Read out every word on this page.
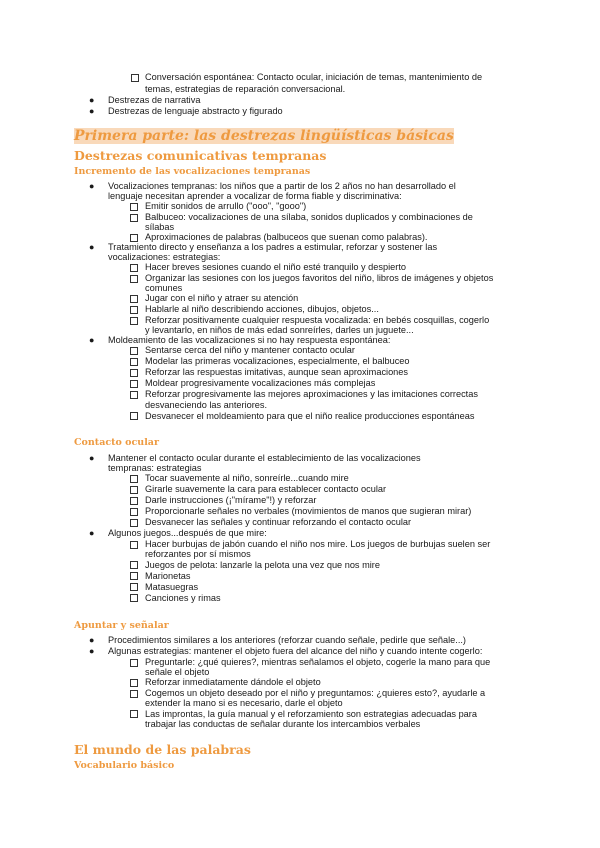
Conversación espontánea: Contacto ocular, iniciación de temas, mantenimiento de
temas, estrategias de reparación conversacional.
● Destrezas de narrativa
● Destrezas de lenguaje abstracto y figurado
Primera parte: las destrezas lingüísticas básicas
Destrezas comunicativas tempranas
Incremento de las vocalizaciones tempranas
● Vocalizaciones tempranas: los niños que a partir de los 2 años no han desarrollado el
lenguaje necesitan aprender a vocalizar de forma fiable y discriminativa:
Emitir sonidos de arrullo ("ooo", "gooo")
Balbuceo: vocalizaciones de una sílaba, sonidos duplicados y combinaciones de
sílabas
Aproximaciones de palabras (balbuceos que suenan como palabras).
● Tratamiento directo y enseñanza a los padres a estimular, reforzar y sostener las
vocalizaciones: estrategias:
Hacer breves sesiones cuando el niño esté tranquilo y despierto
Organizar las sesiones con los juegos favoritos del niño, libros de imágenes y objetos
comunes
Jugar con el niño y atraer su atención
Hablarle al niño describiendo acciones, dibujos, objetos...
Reforzar positivamente cualquier respuesta vocalizada: en bebés cosquillas, cogerlo
y levantarlo, en niños de más edad sonreírles, darles un juguete...
● Moldeamiento de las vocalizaciones si no hay respuesta espontánea:
Sentarse cerca del niño y mantener contacto ocular
Modelar las primeras vocalizaciones, especialmente, el balbuceo
Reforzar las respuestas imitativas, aunque sean aproximaciones
Moldear progresivamente vocalizaciones más complejas
Reforzar progresivamente las mejores aproximaciones y las imitaciones correctas
desvaneciendo las anteriores.
Desvanecer el moldeamiento para que el niño realice producciones espontáneas
Contacto ocular
● Mantener el contacto ocular durante el establecimiento de las vocalizaciones
tempranas: estrategias
Tocar suavemente al niño, sonreírle...cuando mire
Girarle suavemente la cara para establecer contacto ocular
Darle instrucciones (¡"mírame"!) y reforzar
Proporcionarle señales no verbales (movimientos de manos que sugieran mirar)
Desvanecer las señales y continuar reforzando el contacto ocular
● Algunos juegos...después de que mire:
Hacer burbujas de jabón cuando el niño nos mire. Los juegos de burbujas suelen ser
reforzantes por sí mismos
Juegos de pelota: lanzarle la pelota una vez que nos mire
Marionetas
Matasuegras
Canciones y rimas
Apuntar y señalar
● Procedimientos similares a los anteriores (reforzar cuando señale, pedirle que señale...)
● Algunas estrategias: mantener el objeto fuera del alcance del niño y cuando intente cogerlo:
Preguntarle: ¿qué quieres?, mientras señalamos el objeto, cogerle la mano para que
señale el objeto
Reforzar inmediatamente dándole el objeto
Cogemos un objeto deseado por el niño y preguntamos: ¿quieres esto?, ayudarle a
extender la mano si es necesario, darle el objeto
Las improntas, la guía manual y el reforzamiento son estrategias adecuadas para
trabajar las conductas de señalar durante los intercambios verbales
El mundo de las palabras
Vocabulario básico
